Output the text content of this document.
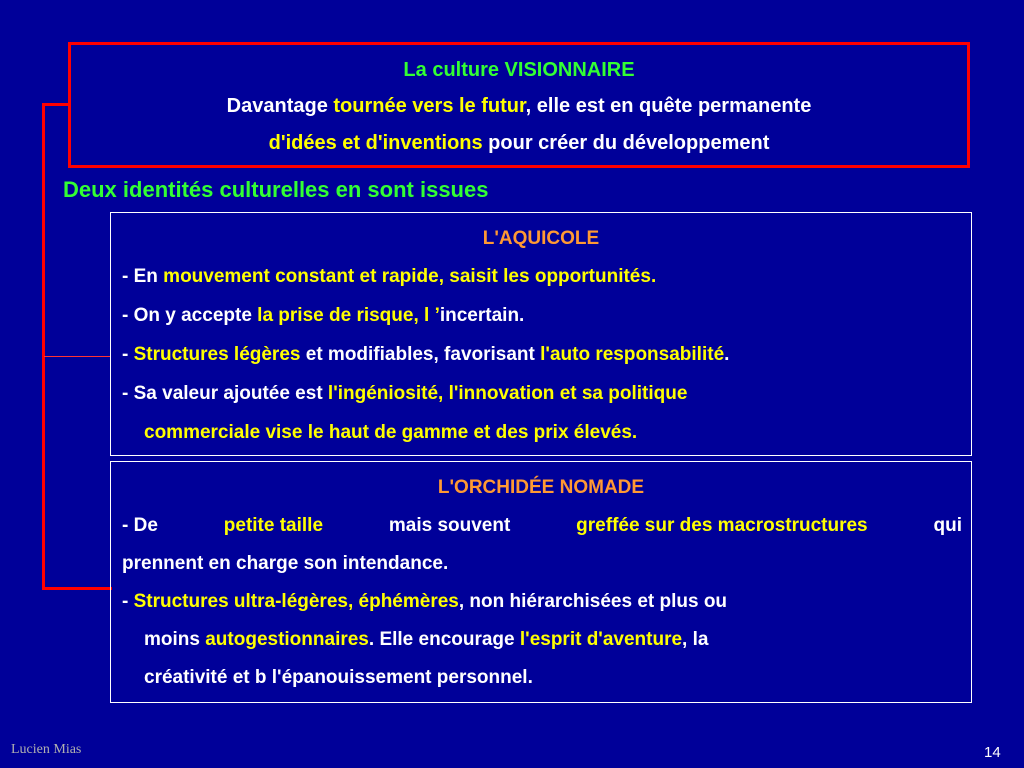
La culture VISIONNAIRE
Davantage tournée vers le futur, elle est en quête permanente
d'idées et d'inventions pour créer du développement
Deux identités culturelles en sont issues
L'AQUICOLE
- En mouvement constant et rapide, saisit les opportunités.
- On y accepte la prise de risque, l ’incertain.
- Structures légères et modifiables, favorisant l'auto responsabilité.
- Sa valeur ajoutée est l'ingéniosité, l'innovation et sa politique
commerciale vise le haut de gamme et des prix élevés.
L'ORCHIDÉE NOMADE
- De	petite taille	mais souvent	greffée sur des macrostructures	qui
prennent en charge son intendance.
- Structures ultra-légères, éphémères, non hiérarchisées et plus ou
moins autogestionnaires. Elle encourage l'esprit d'aventure, la
créativité et b l'épanouissement personnel.
Lucien Mias	14
